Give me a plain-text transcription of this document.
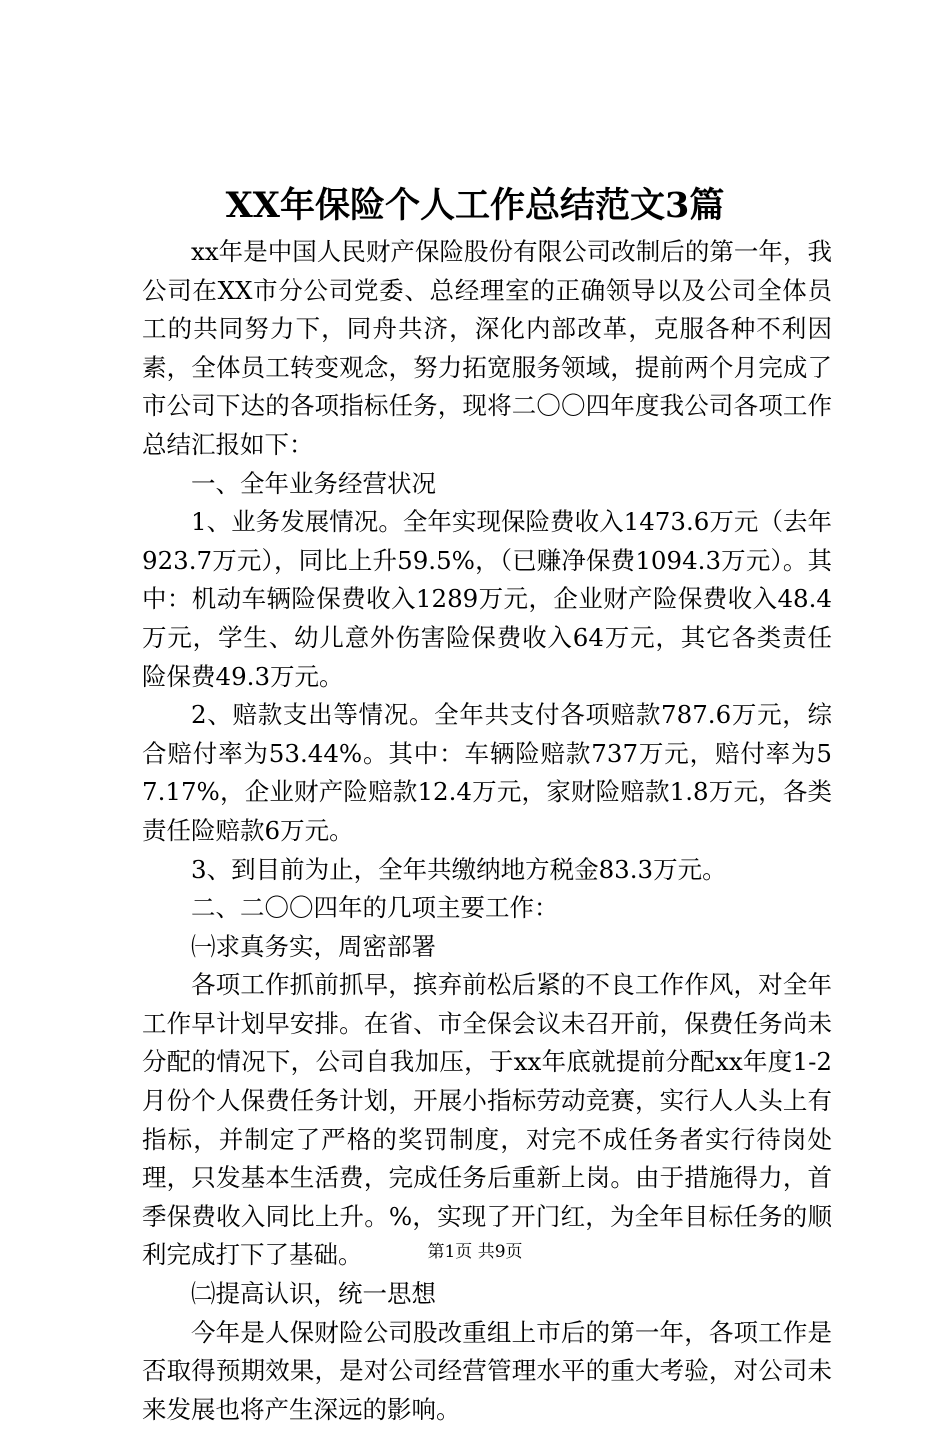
XX年保险个人工作总结范文3篇

xx年是中国人民财产保险股份有限公司改制后的第一年，我公司在XX市分公司党委、总经理室的正确领导以及公司全体员工的共同努力下，同舟共济，深化内部改革，克服各种不利因素，全体员工转变观念，努力拓宽服务领域，提前两个月完成了市公司下达的各项指标任务，现将二〇〇四年度我公司各项工作总结汇报如下：

一、全年业务经营状况

1、业务发展情况。全年实现保险费收入1473.6万元（去年923.7万元），同比上升59.5%，（已赚净保费1094.3万元）。其中：机动车辆险保费收入1289万元，企业财产险保费收入48.4万元，学生、幼儿意外伤害险保费收入64万元，其它各类责任险保费49.3万元。

2、赔款支出等情况。全年共支付各项赔款787.6万元，综合赔付率为53.44%。其中：车辆险赔款737万元，赔付率为57.17%，企业财产险赔款12.4万元，家财险赔款1.8万元，各类责任险赔款6万元。

3、到目前为止，全年共缴纳地方税金83.3万元。

二、二〇〇四年的几项主要工作：

㈠求真务实，周密部署

各项工作抓前抓早，摈弃前松后紧的不良工作作风，对全年工作早计划早安排。在省、市全保会议未召开前，保费任务尚未分配的情况下，公司自我加压，于xx年底就提前分配xx年度1-2月份个人保费任务计划，开展小指标劳动竞赛，实行人人头上有指标，并制定了严格的奖罚制度，对完不成任务者实行待岗处理，只发基本生活费，完成任务后重新上岗。由于措施得力，首季保费收入同比上升。%，实现了开门红，为全年目标任务的顺利完成打下了基础。

㈡提高认识，统一思想

今年是人保财险公司股改重组上市后的第一年，各项工作是否取得预期效果，是对公司经营管理水平的重大考验，对公司未来发展也将产生深远的影响。

第1页 共9页
